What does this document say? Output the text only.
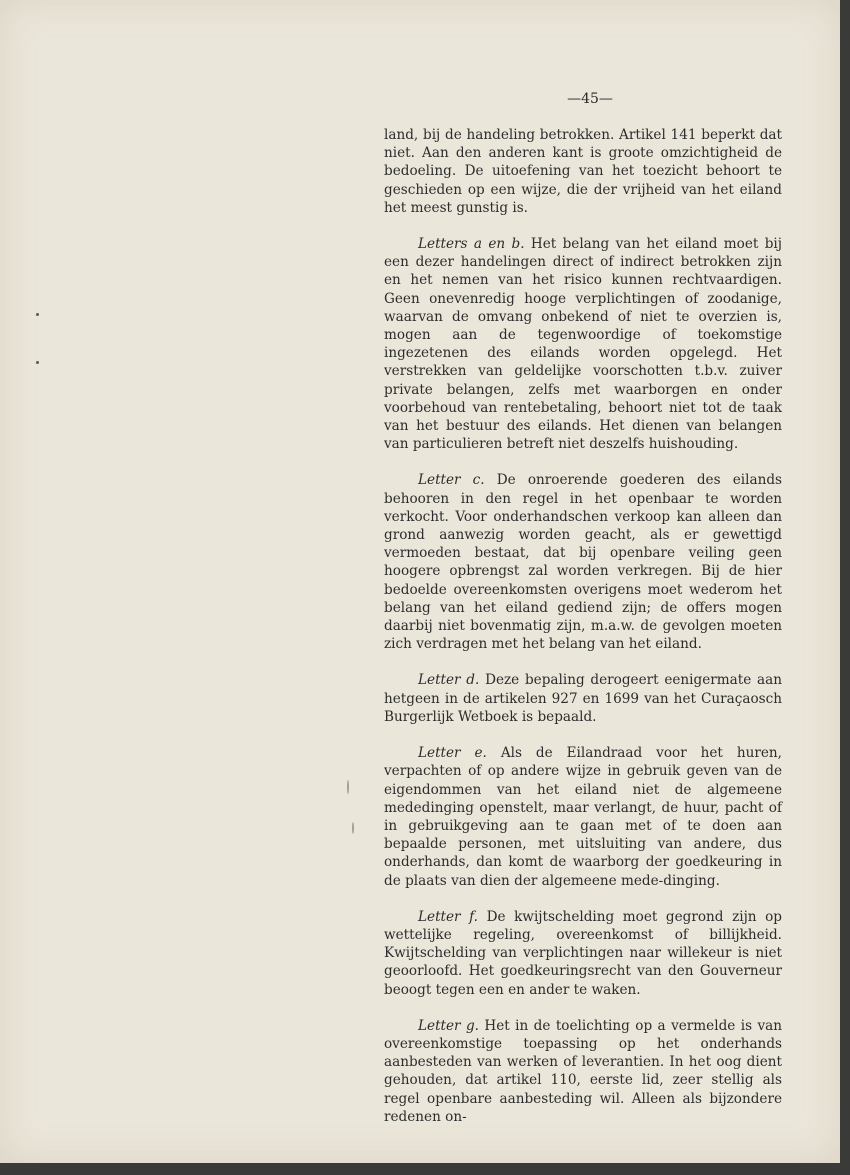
—45—

land, bij de handeling betrokken. Artikel 141 beperkt dat niet. Aan den anderen kant is groote omzichtigheid de bedoeling. De uitoefening van het toezicht behoort te geschieden op een wijze, die der vrijheid van het eiland het meest gunstig is.

Letters a en b. Het belang van het eiland moet bij een dezer handelingen direct of indirect betrokken zijn en het nemen van het risico kunnen rechtvaardigen. Geen onevenredig hooge verplichtingen of zoodanige, waarvan de omvang onbekend of niet te overzien is, mogen aan de tegenwoordige of toekomstige ingezetenen des eilands worden opgelegd. Het verstrekken van geldelijke voorschotten t.b.v. zuiver private belangen, zelfs met waarborgen en onder voorbehoud van rentebetaling, behoort niet tot de taak van het bestuur des eilands. Het dienen van belangen van particulieren betreft niet deszelfs huishouding.

Letter c. De onroerende goederen des eilands behooren in den regel in het openbaar te worden verkocht. Voor onderhandschen verkoop kan alleen dan grond aanwezig worden geacht, als er gewettigd vermoeden bestaat, dat bij openbare veiling geen hoogere opbrengst zal worden verkregen. Bij de hier bedoelde overeenkomsten overigens moet wederom het belang van het eiland gediend zijn; de offers mogen daarbij niet bovenmatig zijn, m.a.w. de gevolgen moeten zich verdragen met het belang van het eiland.

Letter d. Deze bepaling derogeert eenigermate aan hetgeen in de artikelen 927 en 1699 van het Curaçaosch Burgerlijk Wetboek is bepaald.

Letter e. Als de Eilandraad voor het huren, verpachten of op andere wijze in gebruik geven van de eigendommen van het eiland niet de algemeene mededinging openstelt, maar verlangt, de huur, pacht of in gebruikgeving aan te gaan met of te doen aan bepaalde personen, met uitsluiting van andere, dus onderhands, dan komt de waarborg der goedkeuring in de plaats van dien der algemeene mede-dinging.

Letter f. De kwijtschelding moet gegrond zijn op wettelijke regeling, overeenkomst of billijkheid. Kwijtschelding van verplichtingen naar willekeur is niet geoorloofd. Het goedkeuringsrecht van den Gouverneur beoogt tegen een en ander te waken.

Letter g. Het in de toelichting op a vermelde is van overeenkomstige toepassing op het onderhands aanbesteden van werken of leverantien. In het oog dient gehouden, dat artikel 110, eerste lid, zeer stellig als regel openbare aanbesteding wil. Alleen als bijzondere redenen on-
